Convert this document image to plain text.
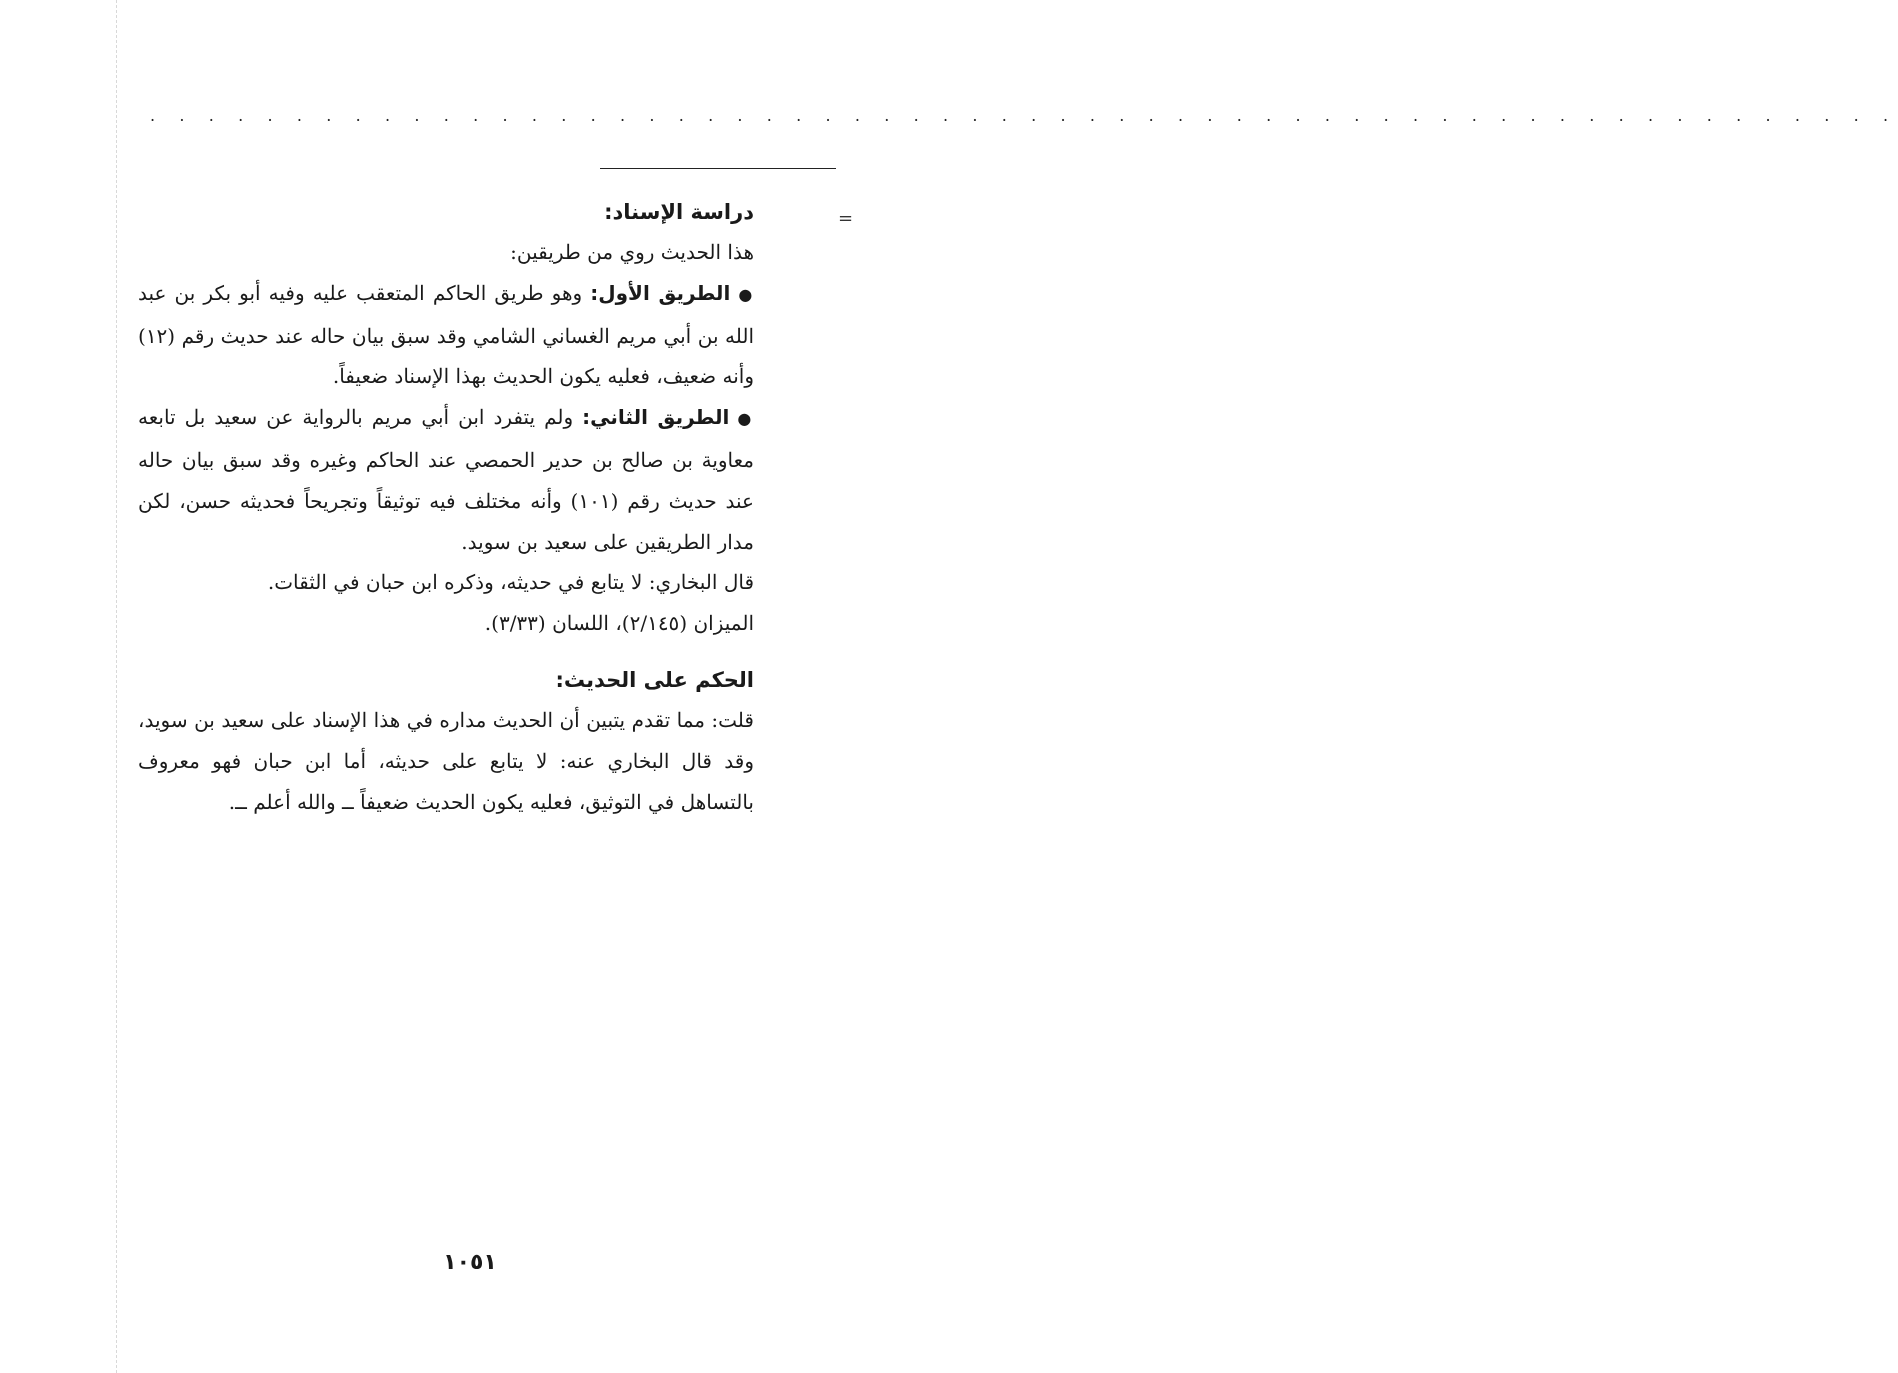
. . . . . . . . . . . . . . . . . . . . . . . . . . . . . . . . . . . . . . . . . . . . . . . . . . . . . . . . . . . .
=

دراسة الإسناد:

هذا الحديث روي من طريقين:

●الطريق الأول: وهو طريق الحاكم المتعقب عليه وفيه أبو بكر بن عبد الله بن أبي مريم الغساني الشامي وقد سبق بيان حاله عند حديث رقم (١٢) وأنه ضعيف، فعليه يكون الحديث بهذا الإسناد ضعيفاً.

●الطريق الثاني: ولم يتفرد ابن أبي مريم بالرواية عن سعيد بل تابعه معاوية بن صالح بن حدير الحمصي عند الحاكم وغيره وقد سبق بيان حاله عند حديث رقم (١٠١) وأنه مختلف فيه توثيقاً وتجريحاً فحديثه حسن، لكن مدار الطريقين على سعيد بن سويد.

قال البخاري: لا يتابع في حديثه، وذكره ابن حبان في الثقات.

الميزان (٢/١٤٥)، اللسان (٣/٣٣).

الحكم على الحديث:

قلت: مما تقدم يتبين أن الحديث مداره في هذا الإسناد على سعيد بن سويد، وقد قال البخاري عنه: لا يتابع على حديثه، أما ابن حبان فهو معروف بالتساهل في التوثيق، فعليه يكون الحديث ضعيفاً ــ والله أعلم ــ.

١٠٥١
